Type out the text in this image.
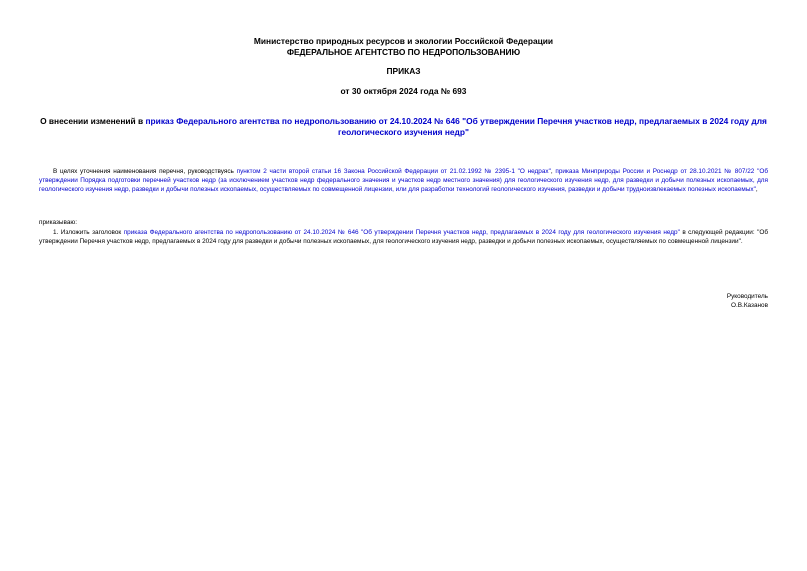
Министерство природных ресурсов и экологии Российской Федерации
ФЕДЕРАЛЬНОЕ АГЕНТСТВО ПО НЕДРОПОЛЬЗОВАНИЮ
ПРИКАЗ
от 30 октября 2024 года № 693
О внесении изменений в приказ Федерального агентства по недропользованию от 24.10.2024 № 646 "Об утверждении Перечня участков недр, предлагаемых в 2024 году для геологического изучения недр"
В целях уточнения наименования перечня, руководствуясь пунктом 2 части второй статьи 16 Закона Российской Федерации от 21.02.1992 № 2395-1 "О недрах", приказа Минприроды России и Роснедр от 28.10.2021 № 807/22 "Об утверждении Порядка подготовки перечней участков недр (за исключением участков недр федерального значения и участков недр местного значения) для геологического изучения недр, для разведки и добычи полезных ископаемых, для геологического изучения недр, разведки и добычи полезных ископаемых, осуществляемых по совмещенной лицензии, или для разработки технологий геологического изучения, разведки и добычи трудноизвлекаемых полезных ископаемых",
приказываю:
1. Изложить заголовок приказа Федерального агентства по недропользованию от 24.10.2024 № 646 "Об утверждении Перечня участков недр, предлагаемых в 2024 году для геологического изучения недр" в следующей редакции: "Об утверждении Перечня участков недр, предлагаемых в 2024 году для разведки и добычи полезных ископаемых, для геологического изучения недр, разведки и добычи полезных ископаемых, осуществляемых по совмещенной лицензии".
Руководитель
О.В.Казанов
